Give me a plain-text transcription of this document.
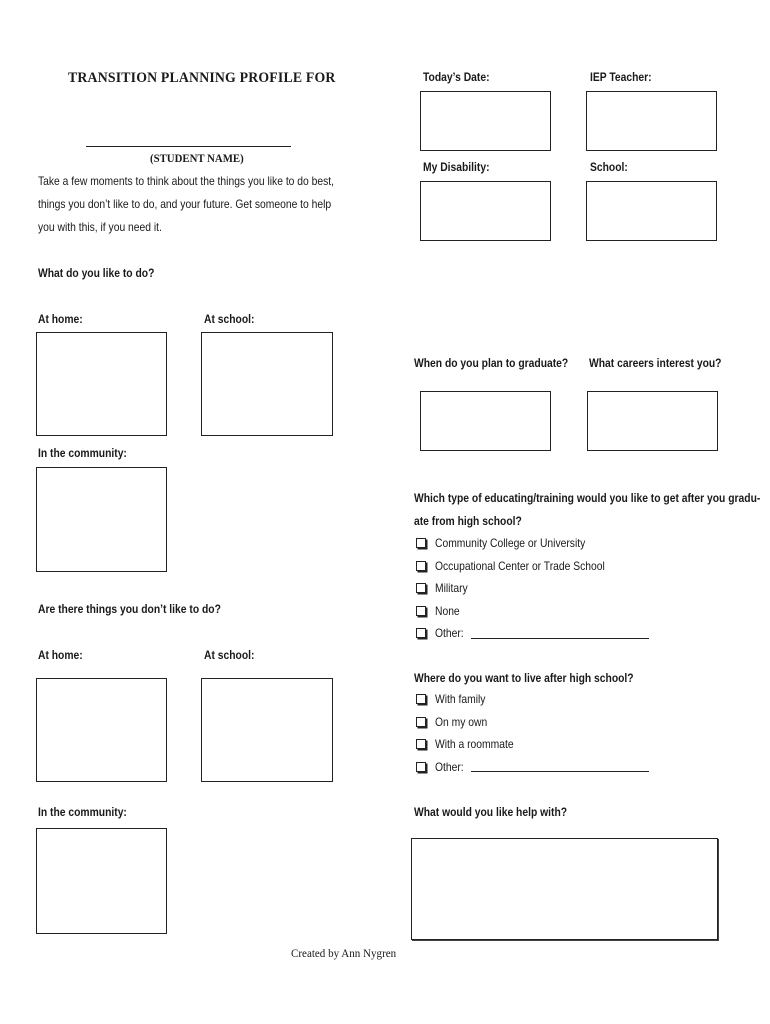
TRANSITION PLANNING PROFILE FOR
(STUDENT NAME)
Take a few moments to think about the things you like to do best,
things you don’t like to do, and your future. Get someone to help
you with this, if you need it.
Today’s Date:	IEP Teacher:
My Disability:	School:
What do you like to do?
At home:	At school:
In the community:
Are there things you don’t like to do?
At home:	At school:
In the community:
When do you plan to graduate? What careers interest you?
Which type of educating/training would you like to get after you gradu-
ate from high school?
Community College or University
Occupational Center or Trade School
Military
None
Other:
Where do you want to live after high school?
With family
On my own
With a roommate
Other:
What would you like help with?
Created by Ann Nygren
